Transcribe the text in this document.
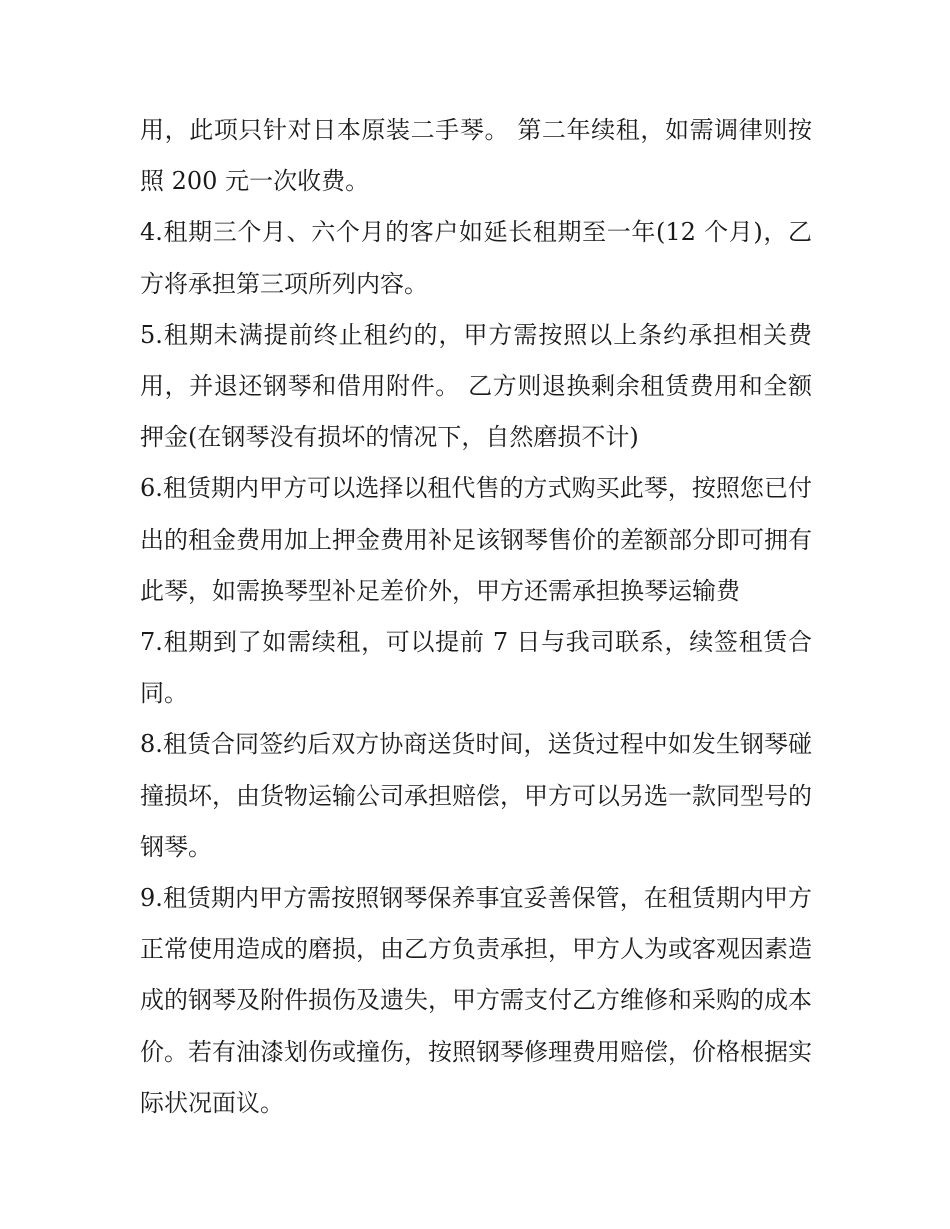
用，此项只针对日本原装二手琴。 第二年续租，如需调律则按照 200 元一次收费。

4.租期三个月、六个月的客户如延长租期至一年(12 个月)，乙方将承担第三项所列内容。

5.租期未满提前终止租约的，甲方需按照以上条约承担相关费用，并退还钢琴和借用附件。 乙方则退换剩余租赁费用和全额押金(在钢琴没有损坏的情况下，自然磨损不计)

6.租赁期内甲方可以选择以租代售的方式购买此琴，按照您已付出的租金费用加上押金费用补足该钢琴售价的差额部分即可拥有此琴，如需换琴型补足差价外，甲方还需承担换琴运输费

7.租期到了如需续租，可以提前 7 日与我司联系，续签租赁合同。

8.租赁合同签约后双方协商送货时间，送货过程中如发生钢琴碰撞损坏，由货物运输公司承担赔偿，甲方可以另选一款同型号的钢琴。

9.租赁期内甲方需按照钢琴保养事宜妥善保管，在租赁期内甲方正常使用造成的磨损，由乙方负责承担，甲方人为或客观因素造成的钢琴及附件损伤及遗失，甲方需支付乙方维修和采购的成本价。若有油漆划伤或撞伤，按照钢琴修理费用赔偿，价格根据实际状况面议。
